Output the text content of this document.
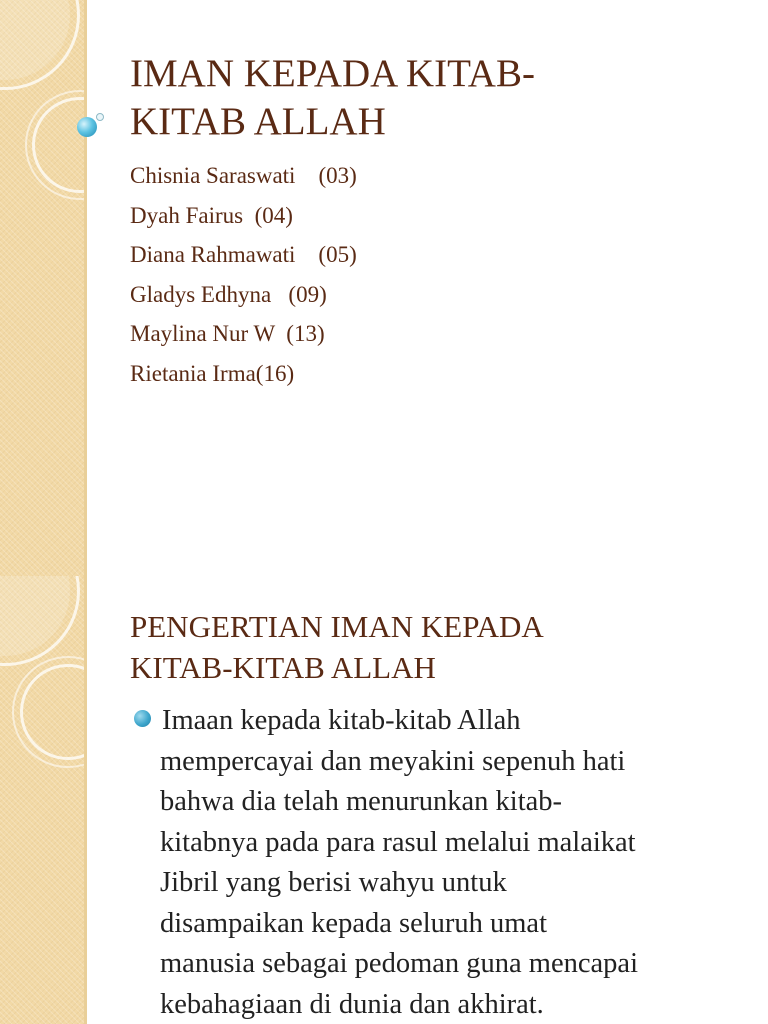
IMAN KEPADA KITAB-
KITAB ALLAH
Chisnia Saraswati    (03)
Dyah Fairus  (04)
Diana Rahmawati    (05)
Gladys Edhyna   (09)
Maylina Nur W  (13)
Rietania Irma(16)
PENGERTIAN IMAN KEPADA
KITAB-KITAB ALLAH

Imaan kepada kitab-kitab Allah
mempercayai dan meyakini sepenuh hati
bahwa dia telah menurunkan kitab-
kitabnya pada para rasul melalui malaikat
Jibril yang berisi wahyu untuk
disampaikan kepada seluruh umat
manusia sebagai pedoman guna mencapai
kebahagiaan di dunia dan akhirat.
